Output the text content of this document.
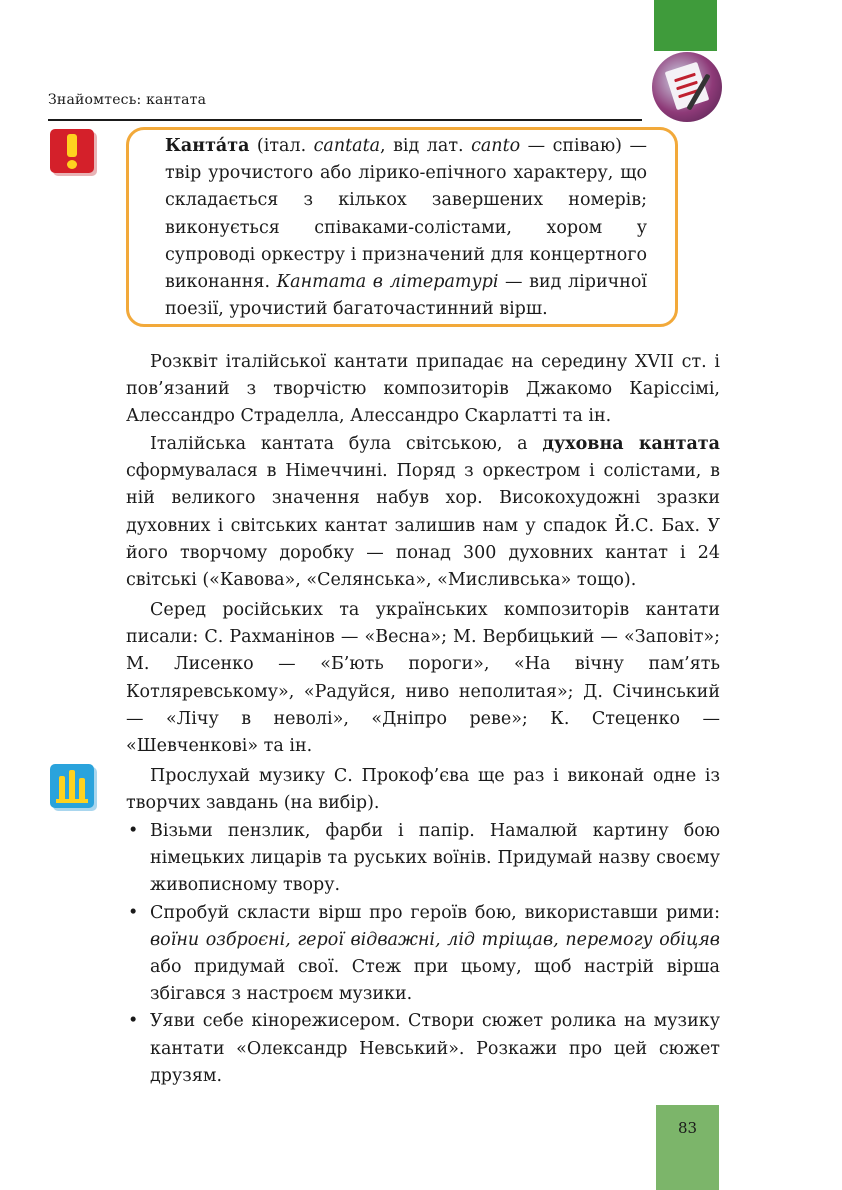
Знайомтесь: кантата
Канта́та (італ. cantata, від лат. canto — співаю) — твір урочистого або лірико-епічного характеру, що складається з кількох завершених номерів; виконується співаками-солістами, хором у супроводі оркестру і призначений для концертного виконання. Кантата в літературі — вид ліричної поезії, урочистий багаточастинний вірш.

Розквіт італійської кантати припадає на середину XVII ст. і пов’язаний з творчістю композиторів Джакомо Каріссімі, Алессандро Страделла, Алессандро Скарлатті та ін.

Італійська кантата була світською, а духовна кантата сформувалася в Німеччині. Поряд з оркестром і солістами, в ній великого значення набув хор. Високохудожні зразки духовних і світських кантат залишив нам у спадок Й.С. Бах. У його творчому доробку — понад 300 духовних кантат і 24 світські («Кавова», «Селянська», «Мисливська» тощо).

Серед російських та українських композиторів кантати писали: С. Рахманінов — «Весна»; М. Вербицький — «Заповіт»; М. Лисенко — «Б’ють пороги», «На вічну пам’ять Котляревському», «Радуйся, ниво неполитая»; Д. Січинський — «Лічу в неволі», «Дніпро реве»; К. Стеценко — «Шевченкові» та ін.

Прослухай музику С. Прокоф’єва ще раз і виконай одне із творчих завдань (на вибір).

• Візьми пензлик, фарби і папір. Намалюй картину бою німецьких лицарів та руських воїнів. Придумай назву своєму живописному твору.
• Спробуй скласти вірш про героїв бою, використавши рими: воїни озброєні, герої відважні, лід тріщав, перемогу обіцяв або придумай свої. Стеж при цьому, щоб настрій вірша збігався з настроєм музики.
• Уяви себе кінорежисером. Створи сюжет ролика на музику кантати «Олександр Невський». Розкажи про цей сюжет друзям.
83
